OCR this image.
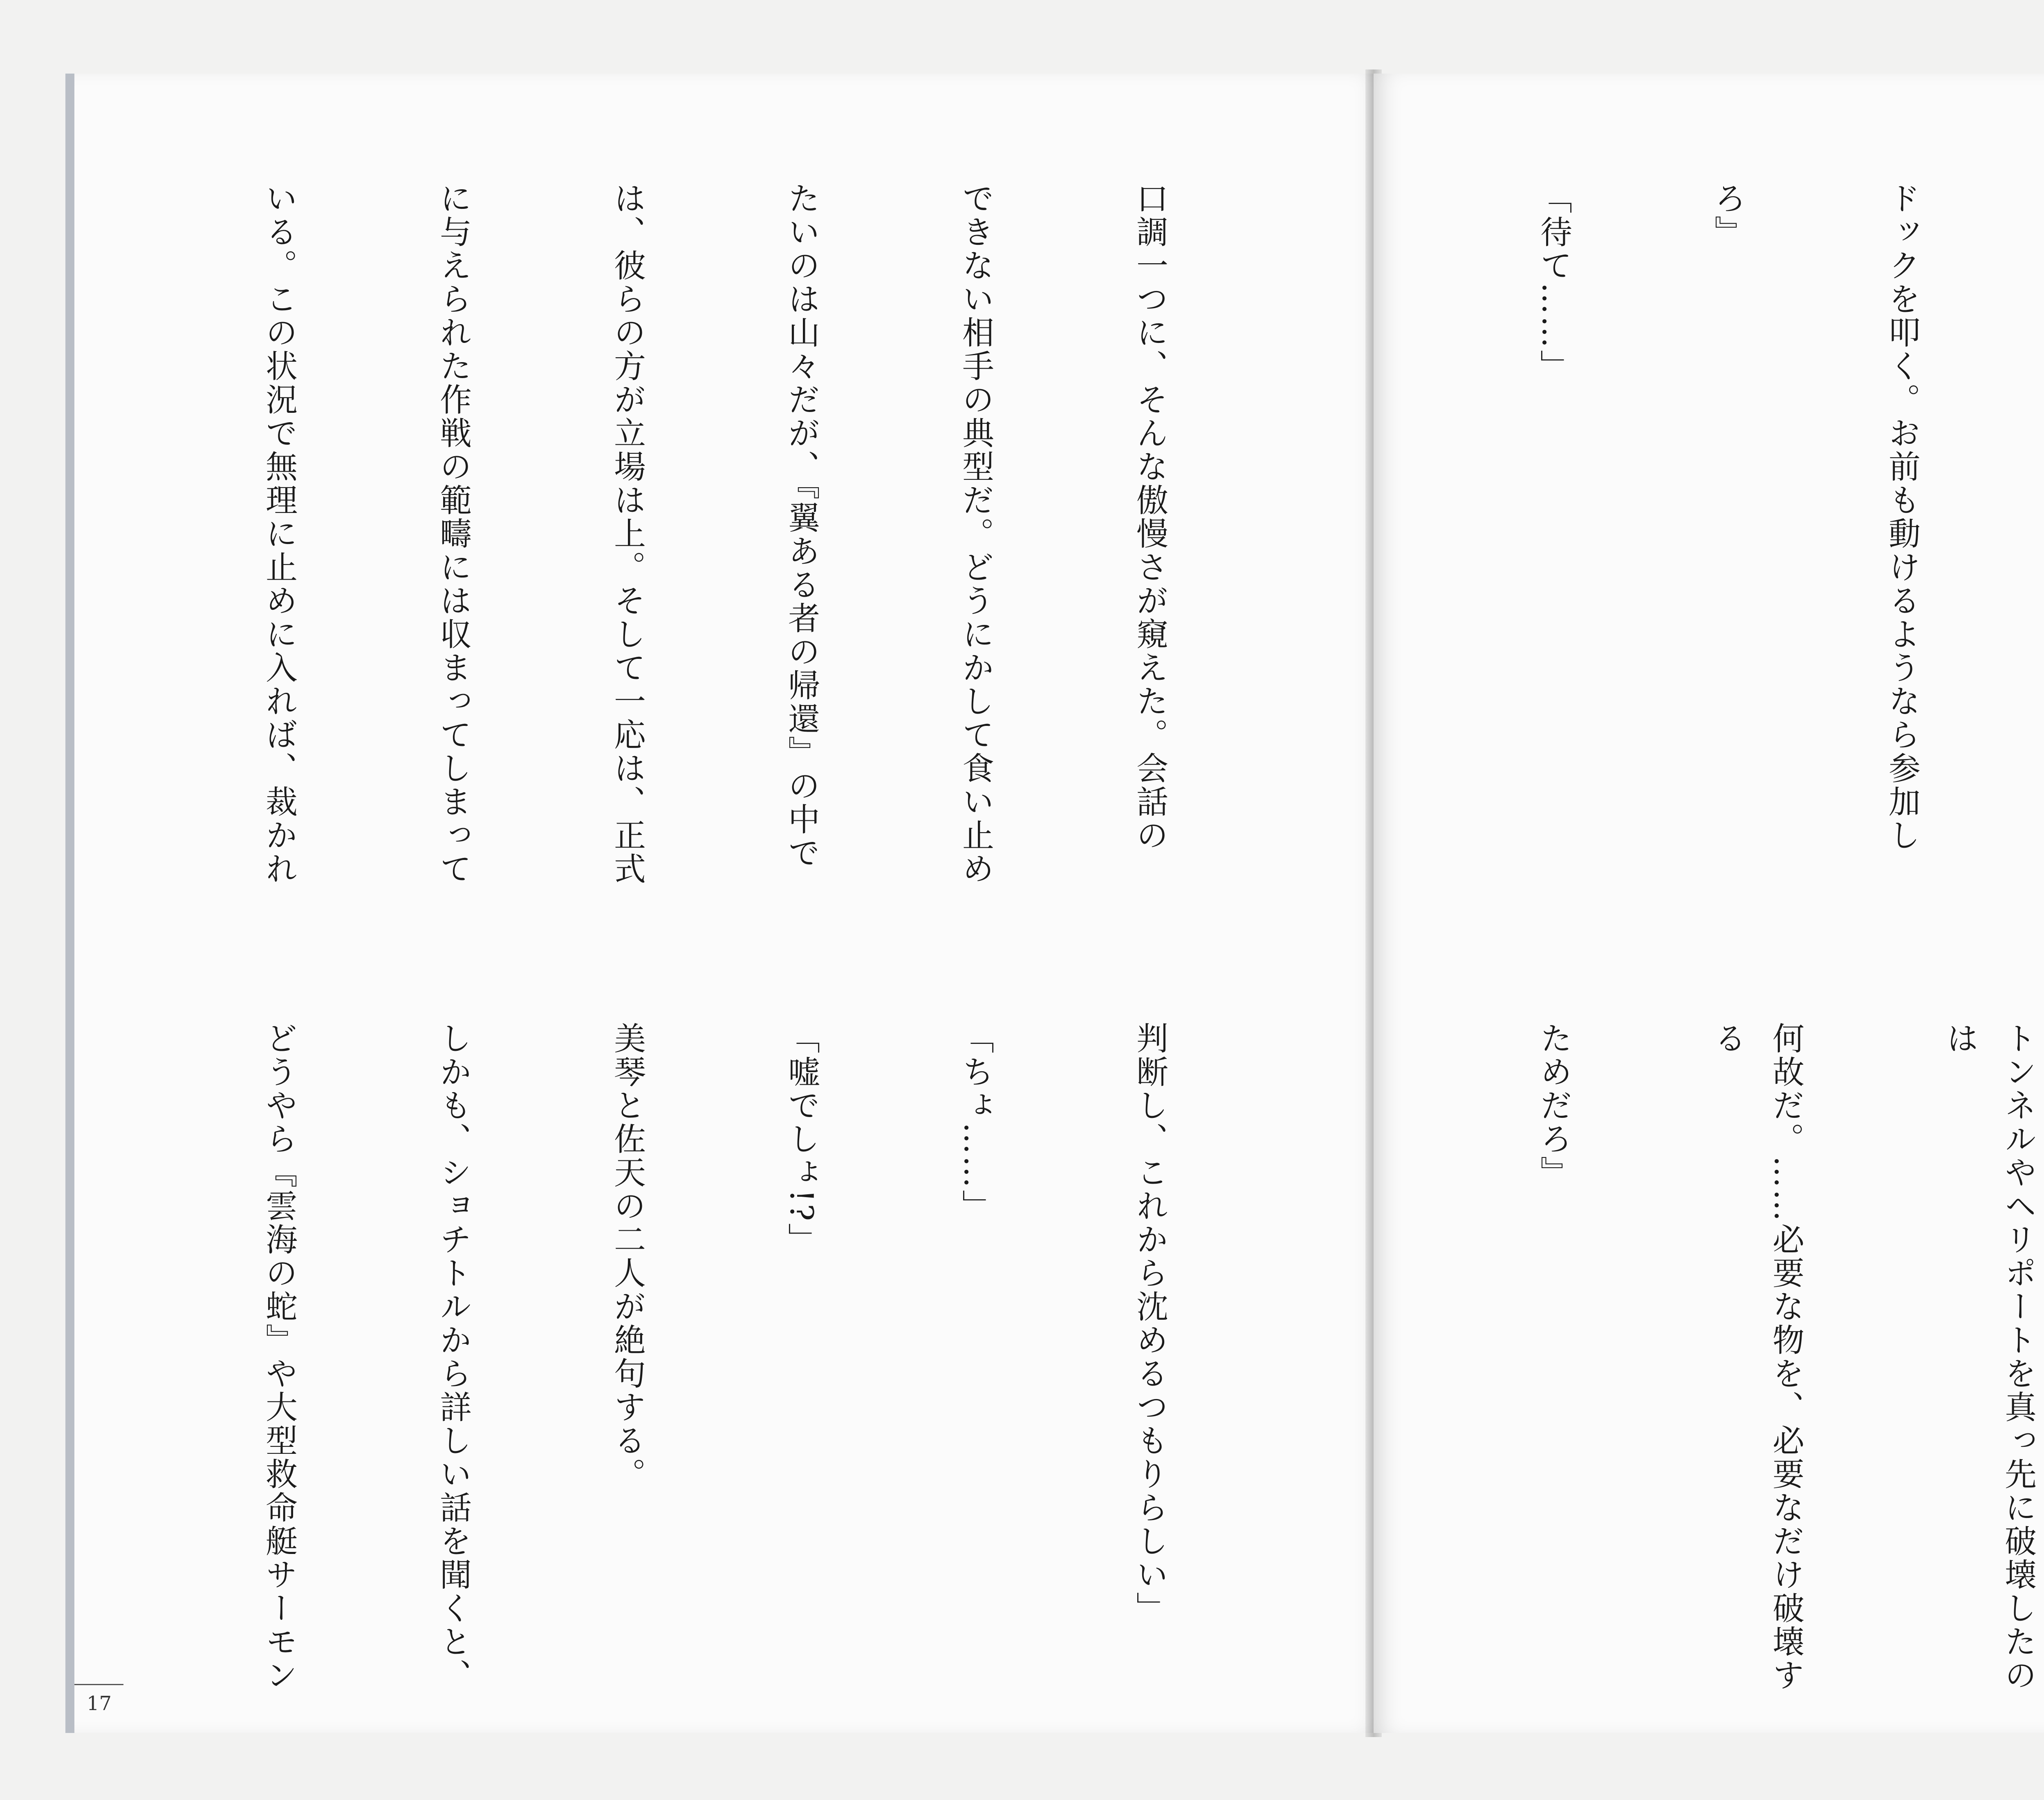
口調一つに、そんな傲慢さが窺えた。会話の

できない相手の典型だ。どうにかして食い止め

たいのは山々だが、『翼ある者の帰還』の中で

は、彼らの方が立場は上。そして一応は、正式

に与えられた作戦の範疇には収まってしまって

いる。この状況で無理に止めに入れば、裁かれ

判断し、これから沈めるつもりらしい」

「ちょ……」

「嘘でしょ!?」

美琴と佐天の二人が絶句する。

しかも、ショチトルから詳しい話を聞くと、

どうやら『雲海の蛇』や大型救命艇サーモン

17

ドックを叩く。お前も動けるようなら参加し

ろ』

「待て……」

トンネルやヘリポートを真っ先に破壊したのは

何故だ。……必要な物を、必要なだけ破壊する

ためだろ』
